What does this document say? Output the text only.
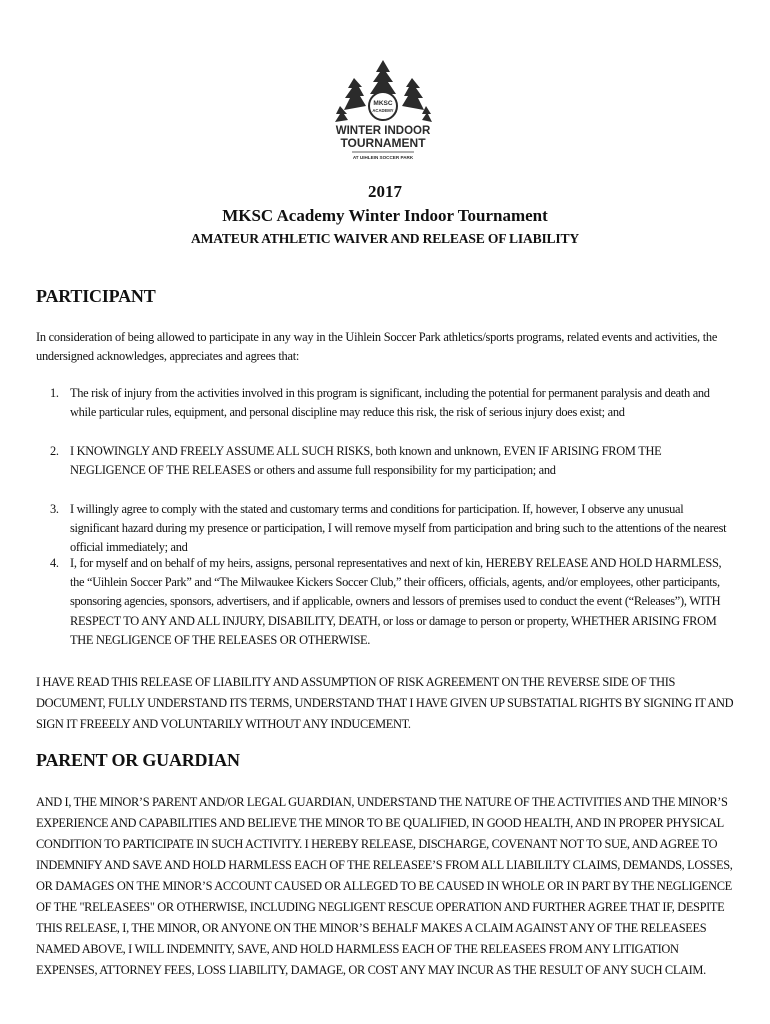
MKSC
ACADEMY
WINTER INDOOR
TOURNAMENT
AT UIHLEIN SOCCER PARK
2017
MKSC Academy Winter Indoor Tournament
AMATEUR ATHLETIC WAIVER AND RELEASE OF LIABILITY
PARTICIPANT

In consideration of being allowed to participate in any way in the Uihlein Soccer Park athletics/sports programs, related events and activities, the undersigned acknowledges, appreciates and agrees that:

1. The risk of injury from the activities involved in this program is significant, including the potential for permanent paralysis and death and while particular rules, equipment, and personal discipline may reduce this risk, the risk of serious injury does exist; and
2. I KNOWINGLY AND FREELY ASSUME ALL SUCH RISKS, both known and unknown, EVEN IF ARISING FROM THE NEGLIGENCE OF THE RELEASES or others and assume full responsibility for my participation; and
3. I willingly agree to comply with the stated and customary terms and conditions for participation. If, however, I observe any unusual significant hazard during my presence or participation, I will remove myself from participation and bring such to the attentions of the nearest official immediately; and
4. I, for myself and on behalf of my heirs, assigns, personal representatives and next of kin, HEREBY RELEASE AND HOLD HARMLESS, the “Uihlein Soccer Park” and “The Milwaukee Kickers Soccer Club,” their officers, officials, agents, and/or employees, other participants, sponsoring agencies, sponsors, advertisers, and if applicable, owners and lessors of premises used to conduct the event (“Releases”), WITH RESPECT TO ANY AND ALL INJURY, DISABILITY, DEATH, or loss or damage to person or property, WHETHER ARISING FROM THE NEGLIGENCE OF THE RELEASES OR OTHERWISE.

I HAVE READ THIS RELEASE OF LIABILITY AND ASSUMPTION OF RISK AGREEMENT ON THE REVERSE SIDE OF THIS DOCUMENT, FULLY UNDERSTAND ITS TERMS, UNDERSTAND THAT I HAVE GIVEN UP SUBSTATIAL RIGHTS BY SIGNING IT AND SIGN IT FREEELY AND VOLUNTARILY WITHOUT ANY INDUCEMENT.

PARENT OR GUARDIAN

AND I, THE MINOR’S PARENT AND/OR LEGAL GUARDIAN, UNDERSTAND THE NATURE OF THE ACTIVITIES AND THE MINOR’S EXPERIENCE AND CAPABILITIES AND BELIEVE THE MINOR TO BE QUALIFIED, IN GOOD HEALTH, AND IN PROPER PHYSICAL CONDITION TO PARTICIPATE IN SUCH ACTIVITY. I HEREBY RELEASE, DISCHARGE, COVENANT NOT TO SUE, AND AGREE TO INDEMNIFY AND SAVE AND HOLD HARMLESS EACH OF THE RELEASEE’S FROM ALL LIABILILTY CLAIMS, DEMANDS, LOSSES, OR DAMAGES ON THE MINOR’S ACCOUNT CAUSED OR ALLEGED TO BE CAUSED IN WHOLE OR IN PART BY THE NEGLIGENCE OF THE "RELEASEES" OR OTHERWISE, INCLUDING NEGLIGENT RESCUE OPERATION AND FURTHER AGREE THAT IF, DESPITE THIS RELEASE, I, THE MINOR, OR ANYONE ON THE MINOR’S BEHALF MAKES A CLAIM AGAINST ANY OF THE RELEASEES NAMED ABOVE, I WILL INDEMNITY, SAVE, AND HOLD HARMLESS EACH OF THE RELEASEES FROM ANY LITIGATION EXPENSES, ATTORNEY FEES, LOSS LIABILITY, DAMAGE, OR COST ANY MAY INCUR AS THE RESULT OF ANY SUCH CLAIM.
